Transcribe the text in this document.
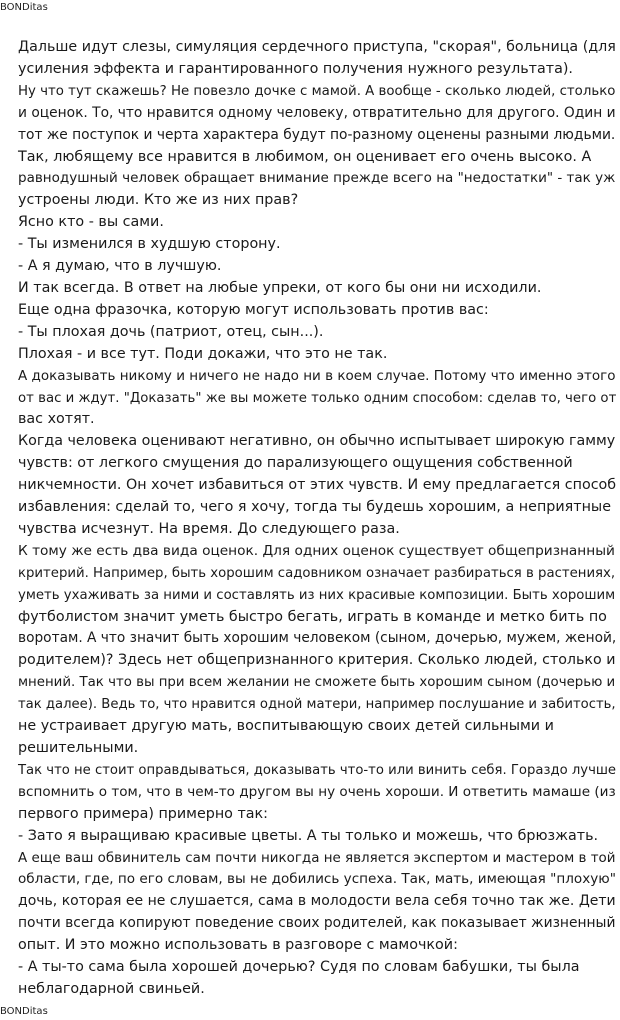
BONDitas
Дальше идут слезы, симуляция сердечного приступа, "скорая", больница (для
усиления эффекта и гарантированного получения нужного результата).
Ну что тут скажешь? Не повезло дочке с мамой. А вообще - сколько людей, столько
и оценок. То, что нравится одному человеку, отвратительно для другого. Один и
тот же поступок и черта характера будут по-разному оценены разными людьми.
Так, любящему все нравится в любимом, он оценивает его очень высоко. А
равнодушный человек обращает внимание прежде всего на "недостатки" - так уж
устроены люди. Кто же из них прав?
Ясно кто - вы сами.
- Ты изменился в худшую сторону.
- А я думаю, что в лучшую.
И так всегда. В ответ на любые упреки, от кого бы они ни исходили.
Еще одна фразочка, которую могут использовать против вас:
- Ты плохая дочь (патриот, отец, сын...).
Плохая - и все тут. Поди докажи, что это не так.
А доказывать никому и ничего не надо ни в коем случае. Потому что именно этого
от вас и ждут. "Доказать" же вы можете только одним способом: сделав то, чего от
вас хотят.
Когда человека оценивают негативно, он обычно испытывает широкую гамму
чувств: от легкого смущения до парализующего ощущения собственной
никчемности. Он хочет избавиться от этих чувств. И ему предлагается способ
избавления: сделай то, чего я хочу, тогда ты будешь хорошим, а неприятные
чувства исчезнут. На время. До следующего раза.
К тому же есть два вида оценок. Для одних оценок существует общепризнанный
критерий. Например, быть хорошим садовником означает разбираться в растениях,
уметь ухаживать за ними и составлять из них красивые композиции. Быть хорошим
футболистом значит уметь быстро бегать, играть в команде и метко бить по
воротам. А что значит быть хорошим человеком (сыном, дочерью, мужем, женой,
родителем)? Здесь нет общепризнанного критерия. Сколько людей, столько и
мнений. Так что вы при всем желании не сможете быть хорошим сыном (дочерью и
так далее). Ведь то, что нравится одной матери, например послушание и забитость,
не устраивает другую мать, воспитывающую своих детей сильными и
решительными.
Так что не стоит оправдываться, доказывать что-то или винить себя. Гораздо лучше
вспомнить о том, что в чем-то другом вы ну очень хороши. И ответить мамаше (из
первого примера) примерно так:
- Зато я выращиваю красивые цветы. А ты только и можешь, что брюзжать.
А еще ваш обвинитель сам почти никогда не является экспертом и мастером в той
области, где, по его словам, вы не добились успеха. Так, мать, имеющая "плохую"
дочь, которая ее не слушается, сама в молодости вела себя точно так же. Дети
почти всегда копируют поведение своих родителей, как показывает жизненный
опыт. И это можно использовать в разговоре с мамочкой:
- А ты-то сама была хорошей дочерью? Судя по словам бабушки, ты была
неблагодарной свиньей.
BONDitas
